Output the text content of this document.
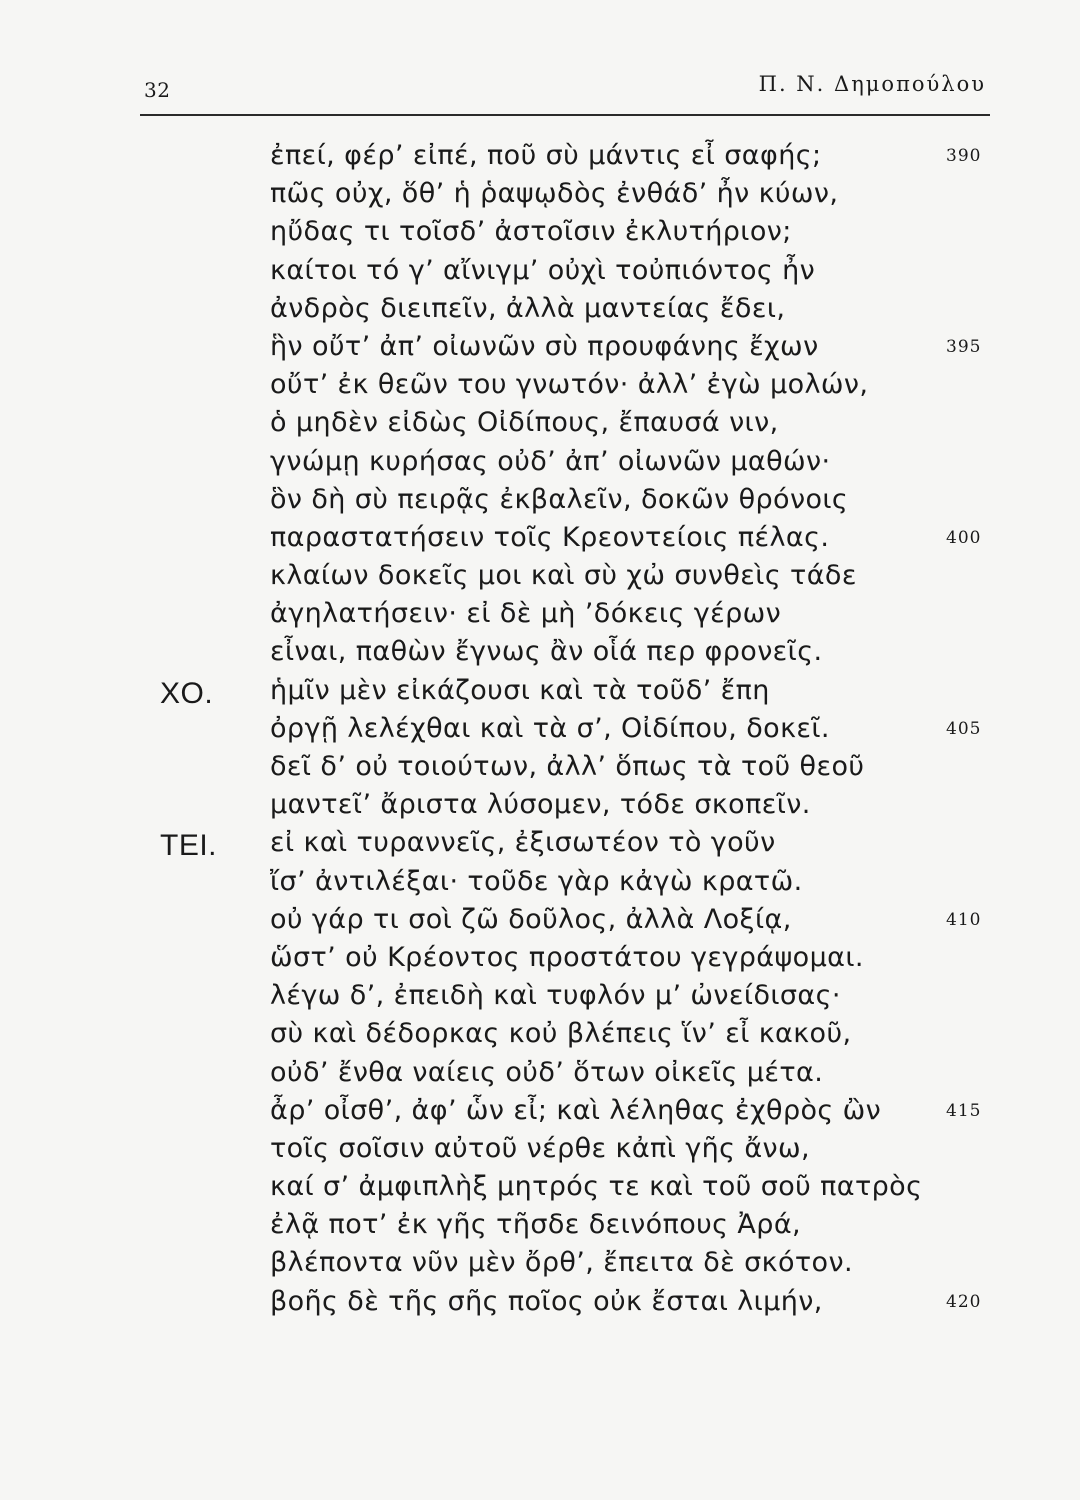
32	Π. Ν. Δημοπούλου
ἐπεί, φέρ’ εἰπέ, ποῦ σὺ μάντις εἶ σαφής;	390
πῶς οὐχ, ὅθ’ ἡ ῥαψῳδὸς ἐνθάδ’ ἦν κύων,
ηὔδας τι τοῖσδ’ ἀστοῖσιν ἐκλυτήριον;
καίτοι τό γ’ αἴνιγμ’ οὐχὶ τοὐπιόντος ἦν
ἀνδρὸς διειπεῖν, ἀλλὰ μαντείας ἔδει,
ἣν οὔτ’ ἀπ’ οἰωνῶν σὺ προυφάνης ἔχων	395
οὔτ’ ἐκ θεῶν του γνωτόν· ἀλλ’ ἐγὼ μολών,
ὁ μηδὲν εἰδὼς Οἰδίπους, ἔπαυσά νιν,
γνώμῃ κυρήσας οὐδ’ ἀπ’ οἰωνῶν μαθών·
ὃν δὴ σὺ πειρᾷς ἐκβαλεῖν, δοκῶν θρόνοις
παραστατήσειν τοῖς Κρεοντείοις πέλας.	400
κλαίων δοκεῖς μοι καὶ σὺ χὠ συνθεὶς τάδε
ἀγηλατήσειν· εἰ δὲ μὴ ’δόκεις γέρων
εἶναι, παθὼν ἔγνως ἂν οἷά περ φρονεῖς.
ΧΟ. ἡμῖν μὲν εἰκάζουσι καὶ τὰ τοῦδ’ ἔπη
ὀργῇ λελέχθαι καὶ τὰ σ’, Οἰδίπου, δοκεῖ.	405
δεῖ δ’ οὐ τοιούτων, ἀλλ’ ὅπως τὰ τοῦ θεοῦ
μαντεῖ’ ἄριστα λύσομεν, τόδε σκοπεῖν.
ΤΕΙ. εἰ καὶ τυραννεῖς, ἐξισωτέον τὸ γοῦν
ἴσ’ ἀντιλέξαι· τοῦδε γὰρ κἀγὼ κρατῶ.
οὐ γάρ τι σοὶ ζῶ δοῦλος, ἀλλὰ Λοξίᾳ,	410
ὥστ’ οὐ Κρέοντος προστάτου γεγράψομαι.
λέγω δ’, ἐπειδὴ καὶ τυφλόν μ’ ὠνείδισας·
σὺ καὶ δέδορκας κοὐ βλέπεις ἵν’ εἶ κακοῦ,
οὐδ’ ἔνθα ναίεις οὐδ’ ὅτων οἰκεῖς μέτα.
ἆρ’ οἶσθ’, ἀφ’ ὧν εἶ; καὶ λέληθας ἐχθρὸς ὢν	415
τοῖς σοῖσιν αὐτοῦ νέρθε κἀπὶ γῆς ἄνω,
καί σ’ ἀμφιπλὴξ μητρός τε καὶ τοῦ σοῦ πατρὸς
ἐλᾷ ποτ’ ἐκ γῆς τῆσδε δεινόπους Ἀρά,
βλέποντα νῦν μὲν ὄρθ’, ἔπειτα δὲ σκότον.
βοῆς δὲ τῆς σῆς ποῖος οὐκ ἔσται λιμήν,	420
